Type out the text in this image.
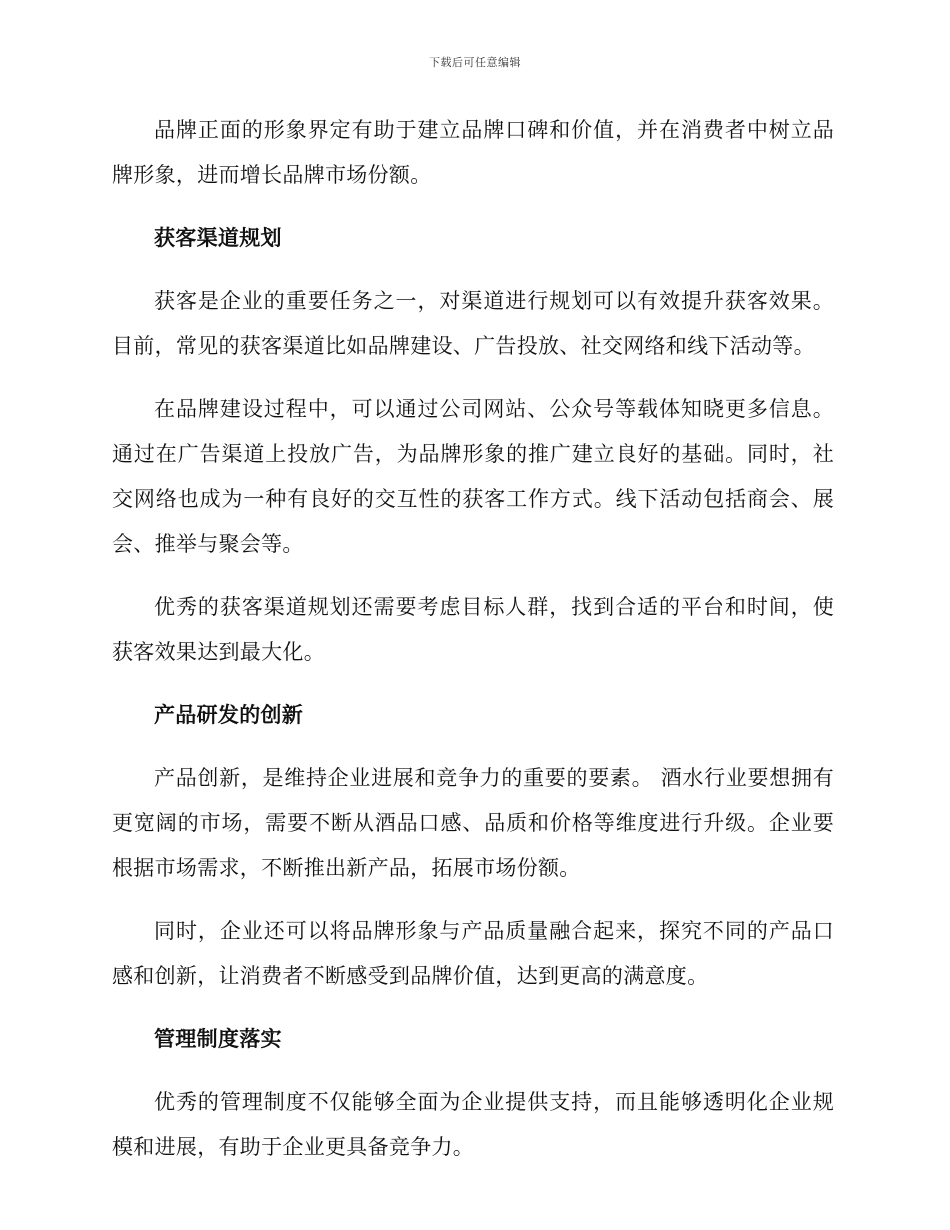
下载后可任意编辑

品牌正面的形象界定有助于建立品牌口碑和价值，并在消费者中树立品牌形象，进而增长品牌市场份额。

获客渠道规划

获客是企业的重要任务之一，对渠道进行规划可以有效提升获客效果。目前，常见的获客渠道比如品牌建设、广告投放、社交网络和线下活动等。

在品牌建设过程中，可以通过公司网站、公众号等载体知晓更多信息。通过在广告渠道上投放广告，为品牌形象的推广建立良好的基础。同时，社交网络也成为一种有良好的交互性的获客工作方式。线下活动包括商会、展会、推举与聚会等。

优秀的获客渠道规划还需要考虑目标人群，找到合适的平台和时间，使获客效果达到最大化。

产品研发的创新

产品创新，是维持企业进展和竞争力的重要的要素。 酒水行业要想拥有更宽阔的市场，需要不断从酒品口感、品质和价格等维度进行升级。企业要根据市场需求，不断推出新产品，拓展市场份额。

同时，企业还可以将品牌形象与产品质量融合起来，探究不同的产品口感和创新，让消费者不断感受到品牌价值，达到更高的满意度。

管理制度落实

优秀的管理制度不仅能够全面为企业提供支持，而且能够透明化企业规模和进展，有助于企业更具备竞争力。
